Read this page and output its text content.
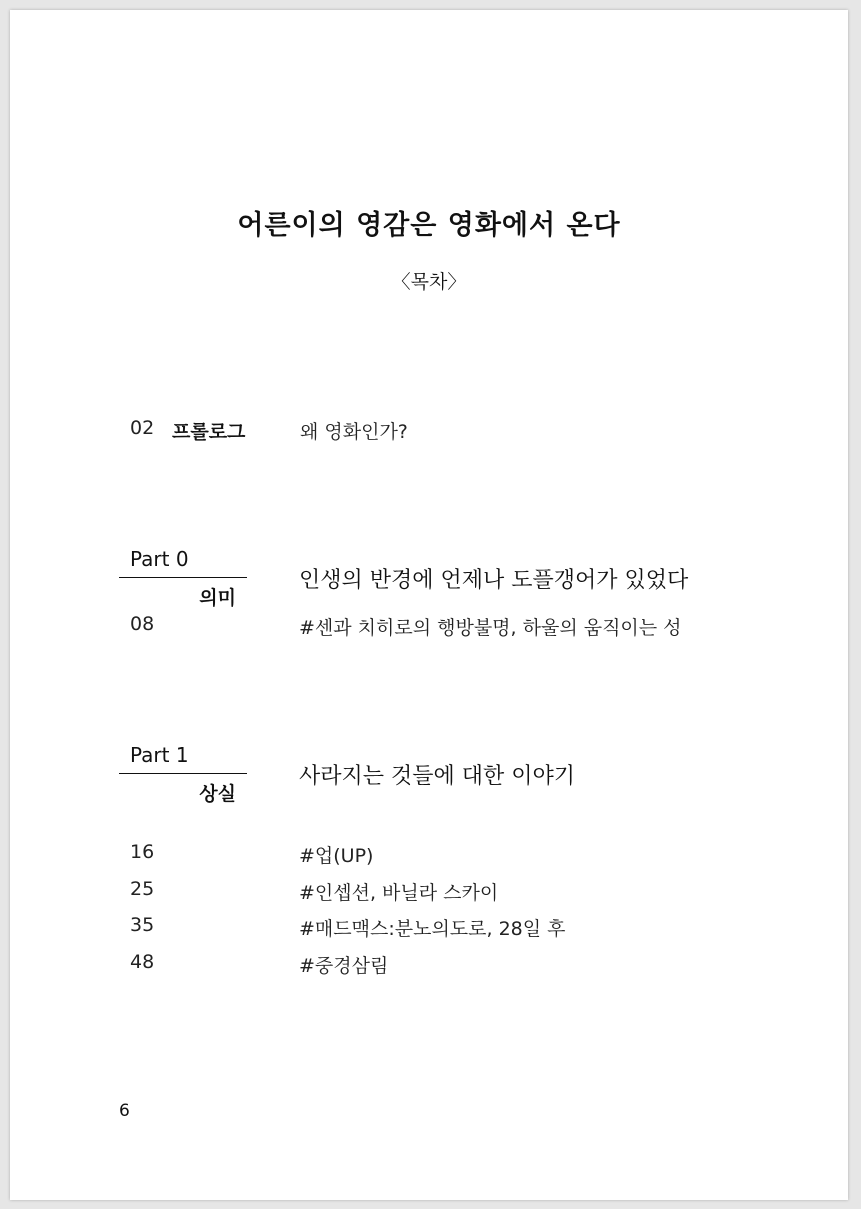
어른이의 영감은 영화에서 온다
〈목차〉
02 프롤로그	왜 영화인가?
Part 0
의미
인생의 반경에 언제나 도플갱어가 있었다
08	#센과 치히로의 행방불명, 하울의 움직이는 성
Part 1
상실
사라지는 것들에 대한 이야기
16	#업(UP)
25	#인셉션, 바닐라 스카이
35	#매드맥스:분노의도로, 28일 후
48	#중경삼림
6
